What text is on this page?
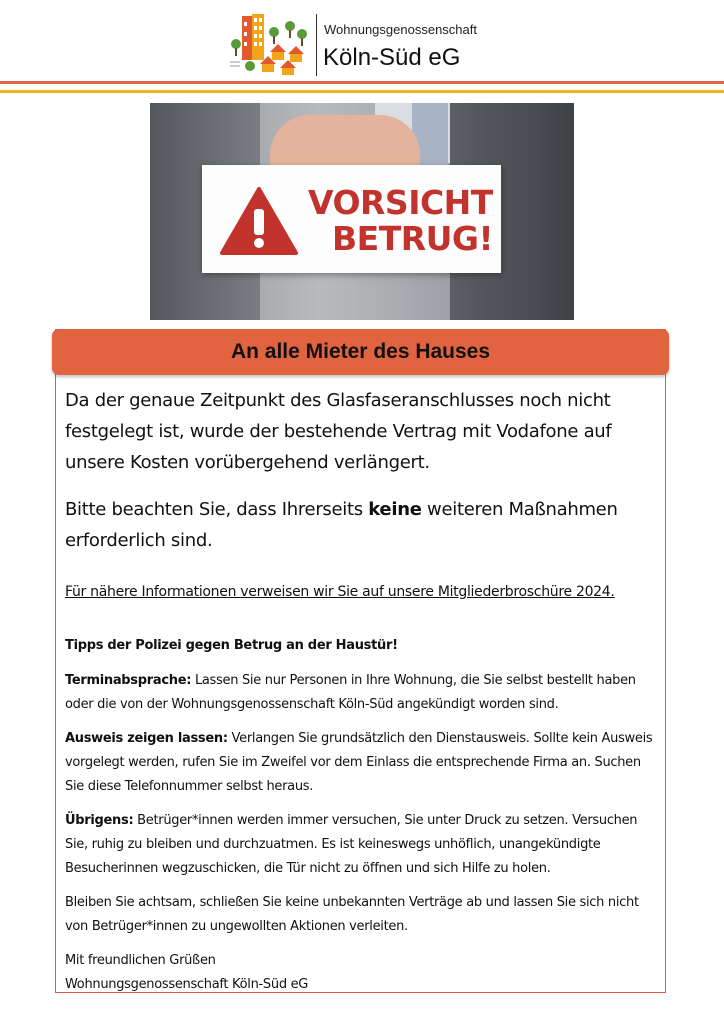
Wohnungsgenossenschaft
Köln-Süd eG
VORSICHT
BETRUG!
An alle Mieter des Hauses

Da der genaue Zeitpunkt des Glasfaseranschlusses noch nicht festgelegt ist, wurde der bestehende Vertrag mit Vodafone auf unsere Kosten vorübergehend verlängert.

Bitte beachten Sie, dass Ihrerseits keine weiteren Maßnahmen erforderlich sind.

Für nähere Informationen verweisen wir Sie auf unsere Mitgliederbroschüre 2024.

Tipps der Polizei gegen Betrug an der Haustür!

Terminabsprache: Lassen Sie nur Personen in Ihre Wohnung, die Sie selbst bestellt haben oder die von der Wohnungsgenossenschaft Köln-Süd angekündigt worden sind.

Ausweis zeigen lassen: Verlangen Sie grundsätzlich den Dienstausweis. Sollte kein Ausweis vorgelegt werden, rufen Sie im Zweifel vor dem Einlass die entsprechende Firma an. Suchen Sie diese Telefonnummer selbst heraus.

Übrigens: Betrüger*innen werden immer versuchen, Sie unter Druck zu setzen. Versuchen Sie, ruhig zu bleiben und durchzuatmen. Es ist keineswegs unhöflich, unangekündigte Besucherinnen wegzuschicken, die Tür nicht zu öffnen und sich Hilfe zu holen.

Bleiben Sie achtsam, schließen Sie keine unbekannten Verträge ab und lassen Sie sich nicht von Betrüger*innen zu ungewollten Aktionen verleiten.

Mit freundlichen Grüßen
Wohnungsgenossenschaft Köln-Süd eG
